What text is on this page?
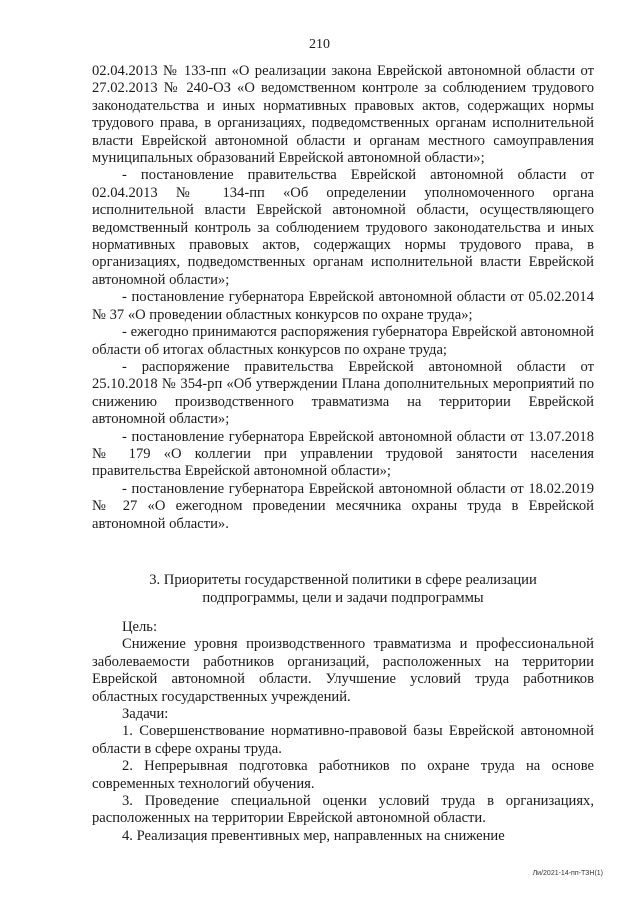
210

02.04.2013 № 133-пп «О реализации закона Еврейской автономной области от 27.02.2013 № 240-ОЗ «О ведомственном контроле за соблюдением трудового законодательства и иных нормативных правовых актов, содержащих нормы трудового права, в организациях, подведомственных органам исполнительной власти Еврейской автономной области и органам местного самоуправления муниципальных образований Еврейской автономной области»;

- постановление правительства Еврейской автономной области от 02.04.2013 № 134-пп «Об определении уполномоченного органа исполнительной власти Еврейской автономной области, осуществляющего ведомственный контроль за соблюдением трудового законодательства и иных нормативных правовых актов, содержащих нормы трудового права, в организациях, подведомственных органам исполнительной власти Еврейской автономной области»;

- постановление губернатора Еврейской автономной области от 05.02.2014 № 37 «О проведении областных конкурсов по охране труда»;

- ежегодно принимаются распоряжения губернатора Еврейской автономной области об итогах областных конкурсов по охране труда;

- распоряжение правительства Еврейской автономной области от 25.10.2018 № 354-рп «Об утверждении Плана дополнительных мероприятий по снижению производственного травматизма на территории Еврейской автономной области»;

- постановление губернатора Еврейской автономной области от 13.07.2018 № 179 «О коллегии при управлении трудовой занятости населения правительства Еврейской автономной области»;

- постановление губернатора Еврейской автономной области от 18.02.2019 № 27 «О ежегодном проведении месячника охраны труда в Еврейской автономной области».

3. Приоритеты государственной политики в сфере реализации
подпрограммы, цели и задачи подпрограммы

Цель:

Снижение уровня производственного травматизма и профессиональной заболеваемости работников организаций, расположенных на территории Еврейской автономной области. Улучшение условий труда работников областных государственных учреждений.

Задачи:

1. Совершенствование нормативно-правовой базы Еврейской автономной области в сфере охраны труда.

2. Непрерывная подготовка работников по охране труда на основе современных технологий обучения.

3. Проведение специальной оценки условий труда в организациях, расположенных на территории Еврейской автономной области.

4. Реализация превентивных мер, направленных на снижение

Ли/2021-14-пп-ТЗН(1)
